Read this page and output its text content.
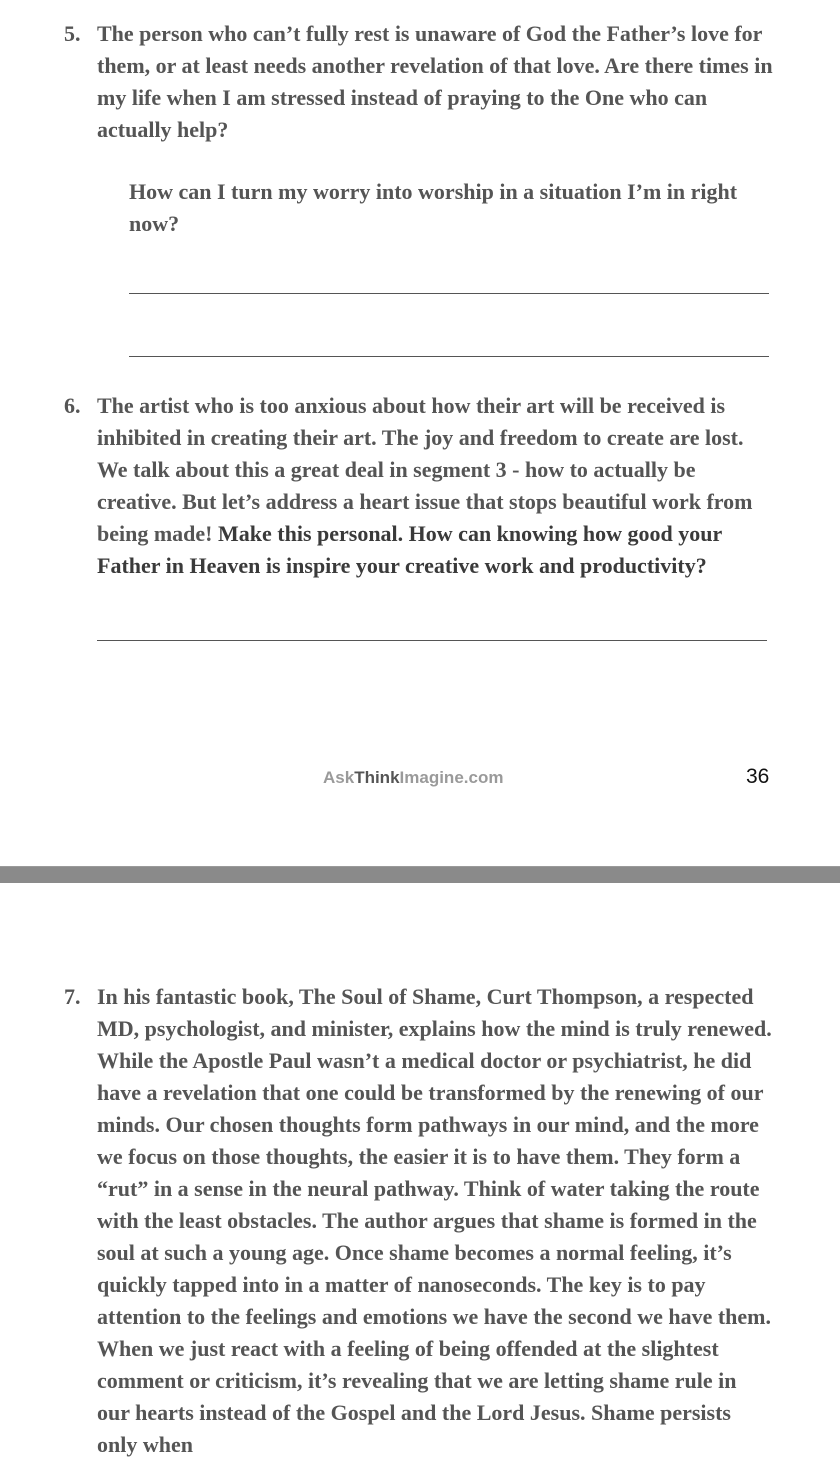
5. The person who can’t fully rest is unaware of God the Father’s love for them, or at least needs another revelation of that love. Are there times in my life when I am stressed instead of praying to the One who can actually help?
How can I turn my worry into worship in a situation I’m in right now?
6. The artist who is too anxious about how their art will be received is inhibited in creating their art. The joy and freedom to create are lost. We talk about this a great deal in segment 3 - how to actually be creative. But let’s address a heart issue that stops beautiful work from being made! Make this personal. How can knowing how good your Father in Heaven is inspire your creative work and productivity?
AskThinkImagine.com	36
7. In his fantastic book, The Soul of Shame, Curt Thompson, a respected MD, psychologist, and minister, explains how the mind is truly renewed. While the Apostle Paul wasn’t a medical doctor or psychiatrist, he did have a revelation that one could be transformed by the renewing of our minds. Our chosen thoughts form pathways in our mind, and the more we focus on those thoughts, the easier it is to have them. They form a “rut” in a sense in the neural pathway. Think of water taking the route with the least obstacles. The author argues that shame is formed in the soul at such a young age. Once shame becomes a normal feeling, it’s quickly tapped into in a matter of nanoseconds. The key is to pay attention to the feelings and emotions we have the second we have them. When we just react with a feeling of being offended at the slightest comment or criticism, it’s revealing that we are letting shame rule in our hearts instead of the Gospel and the Lord Jesus. Shame persists only when
